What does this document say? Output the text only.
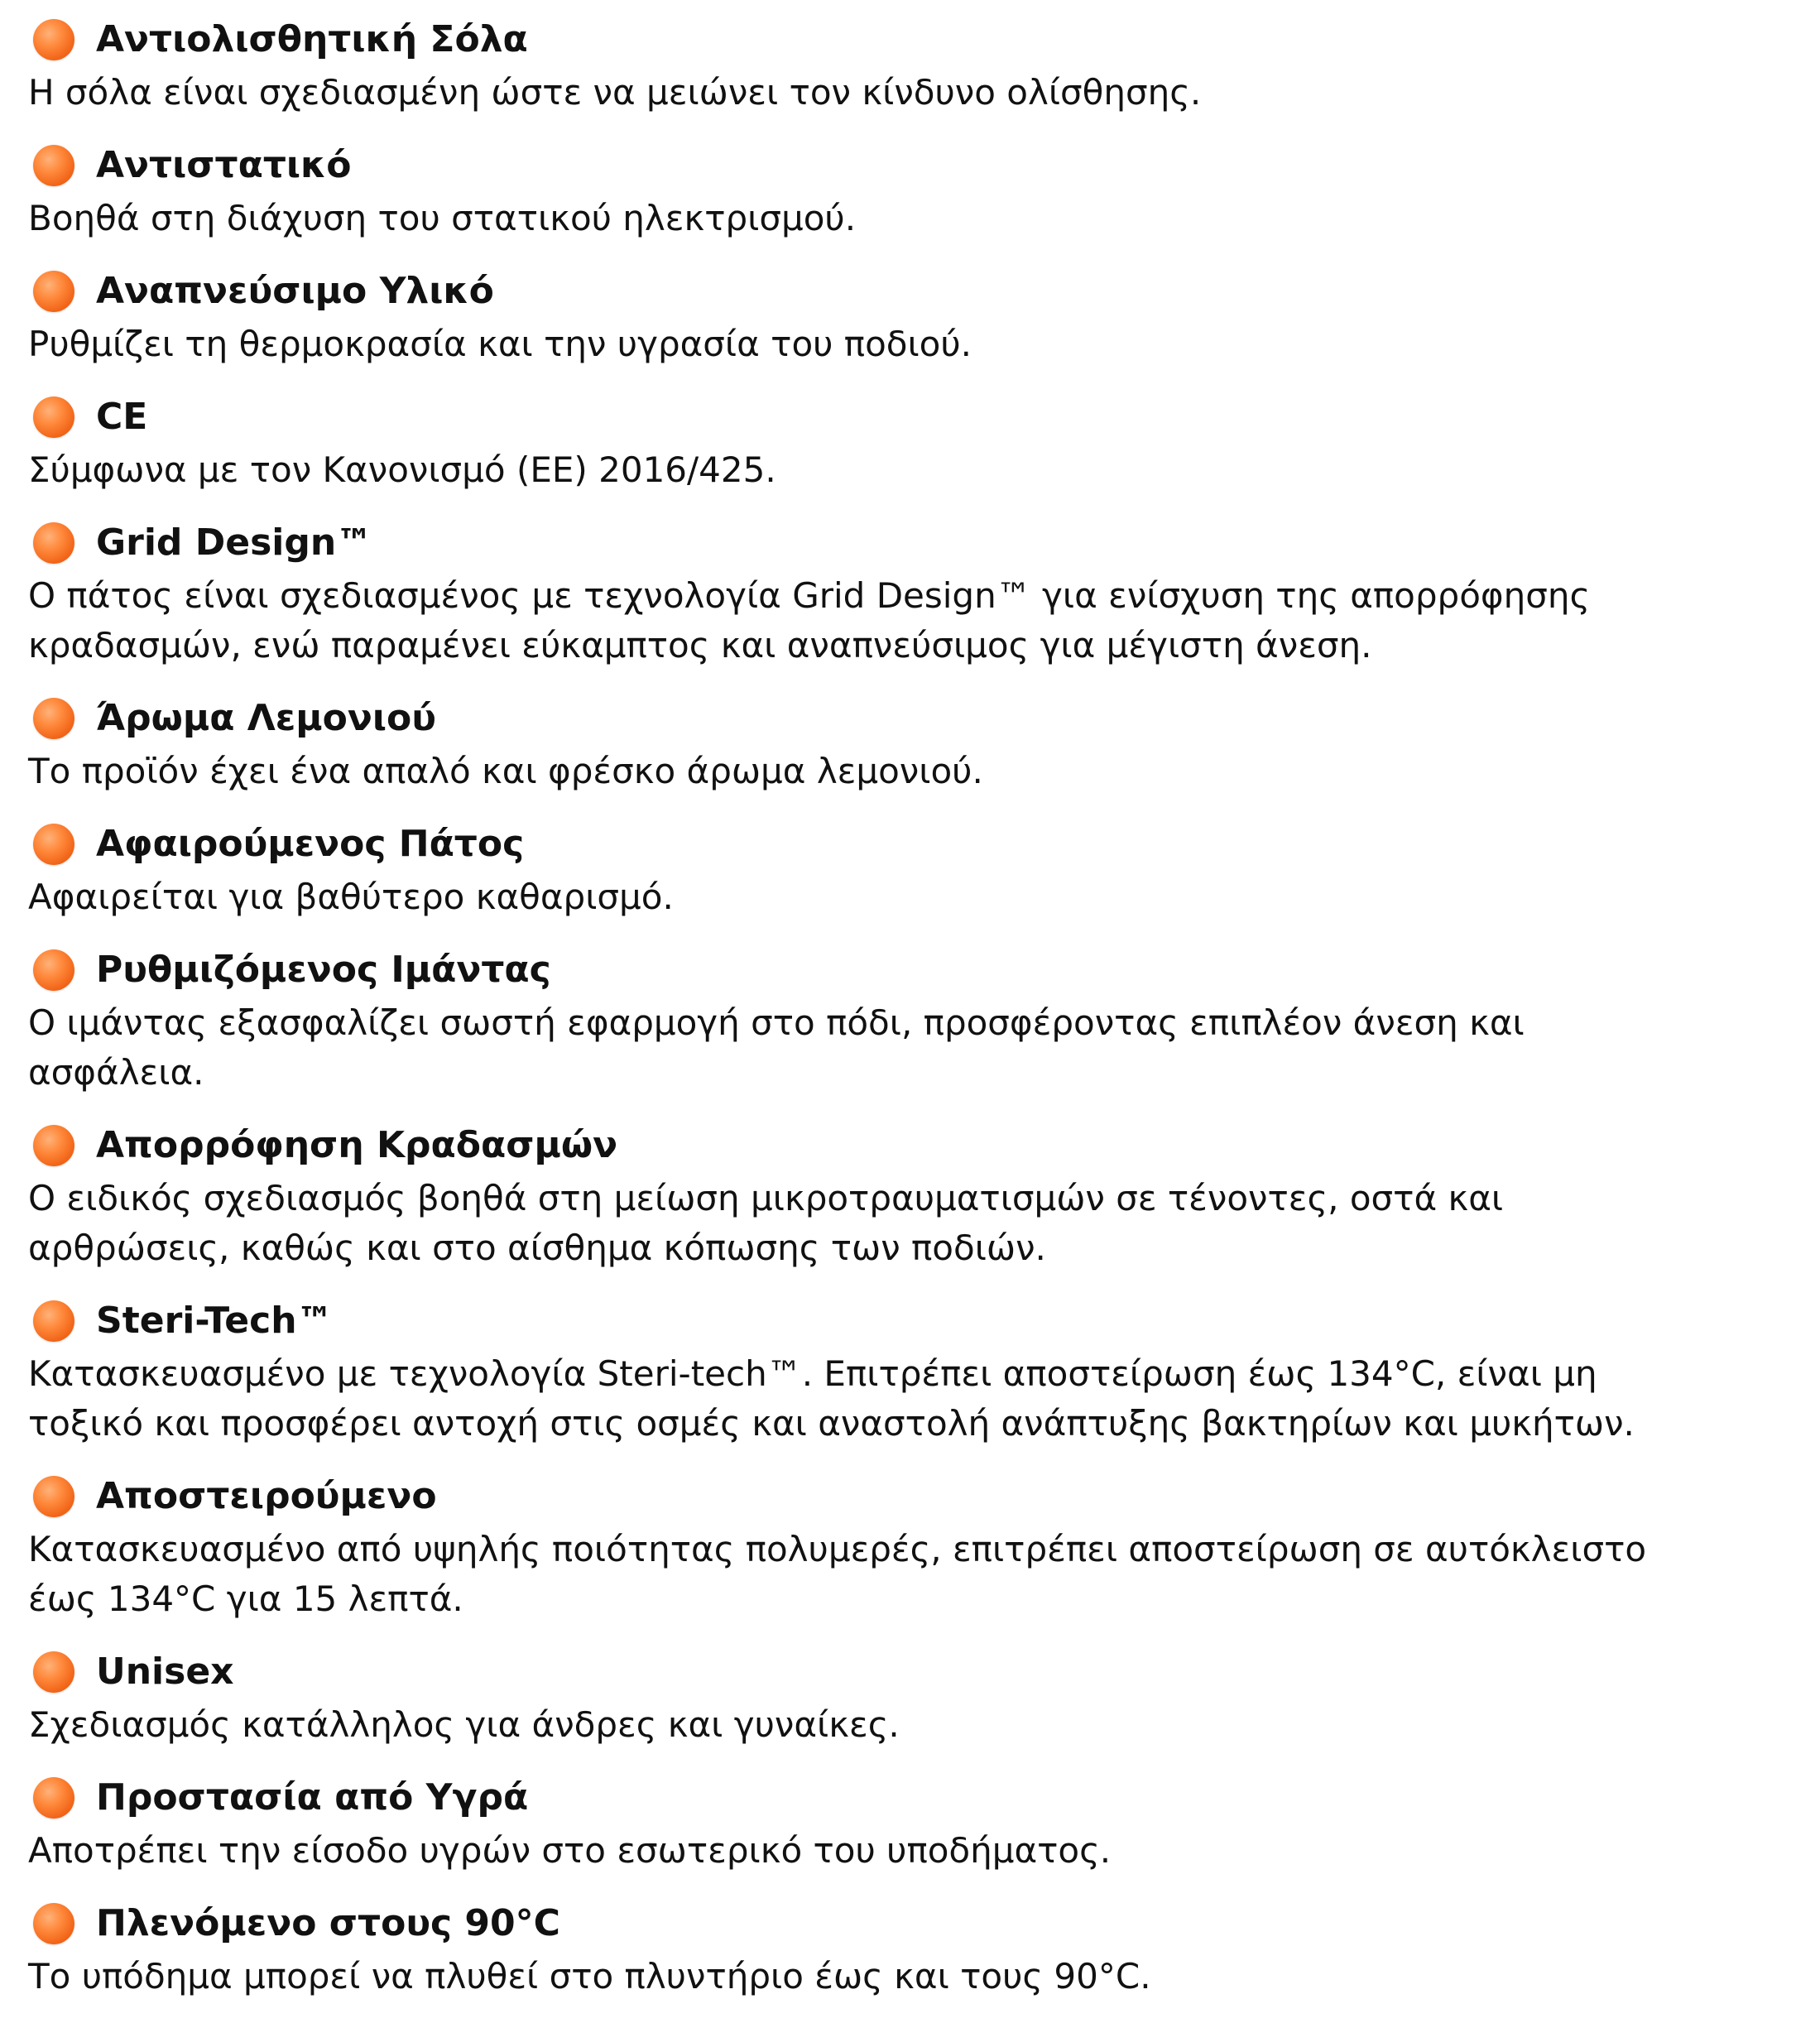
Αντιολισθητική Σόλα
Η σόλα είναι σχεδιασμένη ώστε να μειώνει τον κίνδυνο ολίσθησης.
Αντιστατικό
Βοηθά στη διάχυση του στατικού ηλεκτρισμού.
Αναπνεύσιμο Υλικό
Ρυθμίζει τη θερμοκρασία και την υγρασία του ποδιού.
CE
Σύμφωνα με τον Κανονισμό (ΕΕ) 2016/425.
Grid Design™
Ο πάτος είναι σχεδιασμένος με τεχνολογία Grid Design™ για ενίσχυση της απορρόφησης
κραδασμών, ενώ παραμένει εύκαμπτος και αναπνεύσιμος για μέγιστη άνεση.
Άρωμα Λεμονιού
Το προϊόν έχει ένα απαλό και φρέσκο άρωμα λεμονιού.
Αφαιρούμενος Πάτος
Αφαιρείται για βαθύτερο καθαρισμό.
Ρυθμιζόμενος Ιμάντας
Ο ιμάντας εξασφαλίζει σωστή εφαρμογή στο πόδι, προσφέροντας επιπλέον άνεση και
ασφάλεια.
Απορρόφηση Κραδασμών
Ο ειδικός σχεδιασμός βοηθά στη μείωση μικροτραυματισμών σε τένοντες, οστά και
αρθρώσεις, καθώς και στο αίσθημα κόπωσης των ποδιών.
Steri-Tech™
Κατασκευασμένο με τεχνολογία Steri-tech™. Επιτρέπει αποστείρωση έως 134°C, είναι μη
τοξικό και προσφέρει αντοχή στις οσμές και αναστολή ανάπτυξης βακτηρίων και μυκήτων.
Αποστειρούμενο
Κατασκευασμένο από υψηλής ποιότητας πολυμερές, επιτρέπει αποστείρωση σε αυτόκλειστο
έως 134°C για 15 λεπτά.
Unisex
Σχεδιασμός κατάλληλος για άνδρες και γυναίκες.
Προστασία από Υγρά
Αποτρέπει την είσοδο υγρών στο εσωτερικό του υποδήματος.
Πλενόμενο στους 90°C
Το υπόδημα μπορεί να πλυθεί στο πλυντήριο έως και τους 90°C.
